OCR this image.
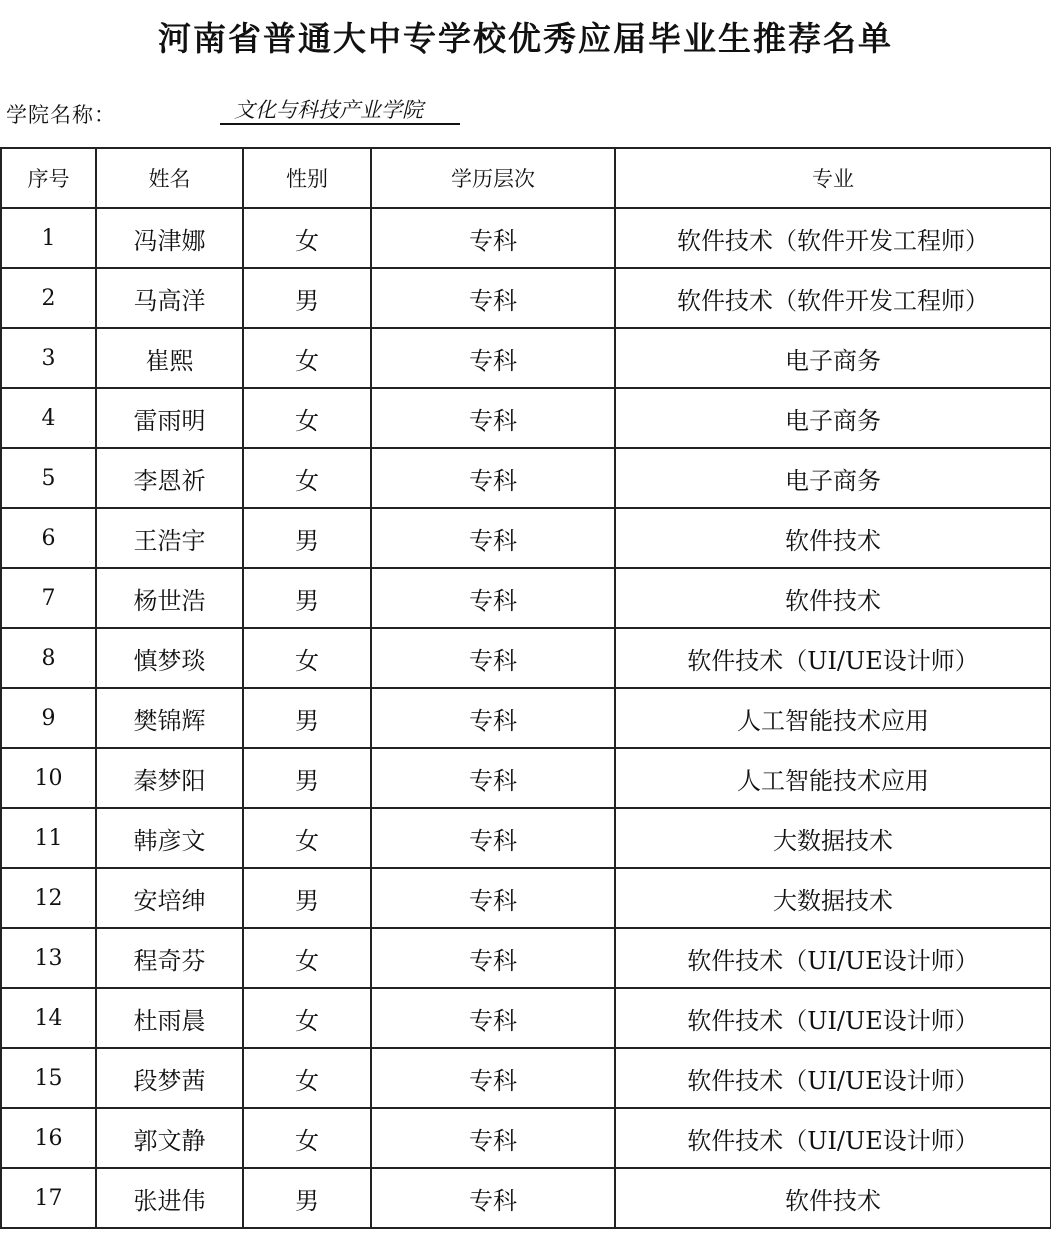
河南省普通大中专学校优秀应届毕业生推荐名单
学院名称：	文化与科技产业学院
序号	姓名	性别	学历层次	专业
1	冯津娜	女	专科	软件技术（软件开发工程师）
2	马高洋	男	专科	软件技术（软件开发工程师）
3	崔熙	女	专科	电子商务
4	雷雨明	女	专科	电子商务
5	李恩祈	女	专科	电子商务
6	王浩宇	男	专科	软件技术
7	杨世浩	男	专科	软件技术
8	慎梦琰	女	专科	软件技术（UI/UE设计师）
9	樊锦辉	男	专科	人工智能技术应用
10	秦梦阳	男	专科	人工智能技术应用
11	韩彦文	女	专科	大数据技术
12	安培绅	男	专科	大数据技术
13	程奇芬	女	专科	软件技术（UI/UE设计师）
14	杜雨晨	女	专科	软件技术（UI/UE设计师）
15	段梦茜	女	专科	软件技术（UI/UE设计师）
16	郭文静	女	专科	软件技术（UI/UE设计师）
17	张进伟	男	专科	软件技术
